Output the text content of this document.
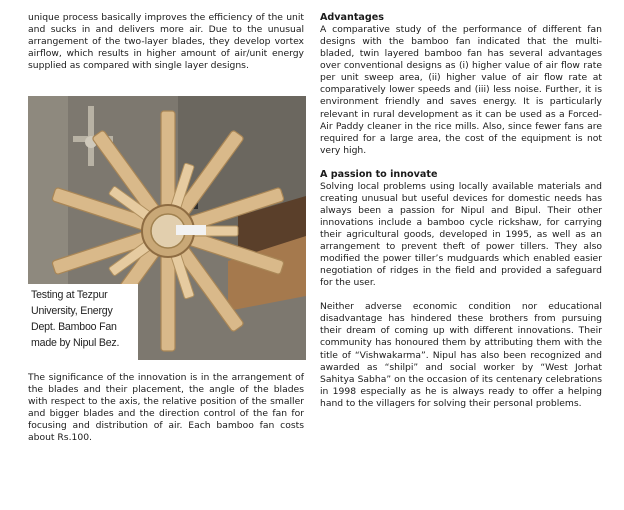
unique process basically improves the efficiency of the unit and sucks in and delivers more air. Due to the unusual arrangement of the two-layer blades, they develop vortex airflow, which results in higher amount of air/unit energy supplied as compared with single layer designs.

Testing at Tezpur
University, Energy
Dept. Bamboo Fan
made by Nipul Bez.

The significance of the innovation is in the arrangement of the blades and their placement, the angle of the blades with respect to the axis, the relative position of the smaller and bigger blades and the direction control of the fan for focusing and distribution of air. Each bamboo fan costs about Rs.100.

Advantages

A comparative study of the performance of different fan designs with the bamboo fan indicated that the multi-bladed, twin layered bamboo fan has several advantages over conventional designs as (i) higher value of air flow rate per unit sweep area, (ii) higher value of air flow rate at comparatively lower speeds and (iii) less noise. Further, it is environment friendly and saves energy. It is particularly relevant in rural development as it can be used as a Forced-Air Paddy cleaner in the rice mills. Also, since fewer fans are required for a large area, the cost of the equipment is not very high.

A passion to innovate

Solving local problems using locally available materials and creating unusual but useful devices for domestic needs has always been a passion for Nipul and Bipul. Their other innovations include a bamboo cycle rickshaw, for carrying their agricultural goods, developed in 1995, as well as an arrangement to prevent theft of power tillers. They also modified the power tiller’s mudguards which enabled easier negotiation of ridges in the field and provided a safeguard for the user.

Neither adverse economic condition nor educational disadvantage has hindered these brothers from pursuing their dream of coming up with different innovations. Their community has honoured them by attributing them with the title of “Vishwakarma”. Nipul has also been recognized and awarded as “shilpi” and social worker by “West Jorhat Sahitya Sabha” on the occasion of its centenary celebrations in 1998 especially as he is always ready to offer a helping hand to the villagers for solving their personal problems.
